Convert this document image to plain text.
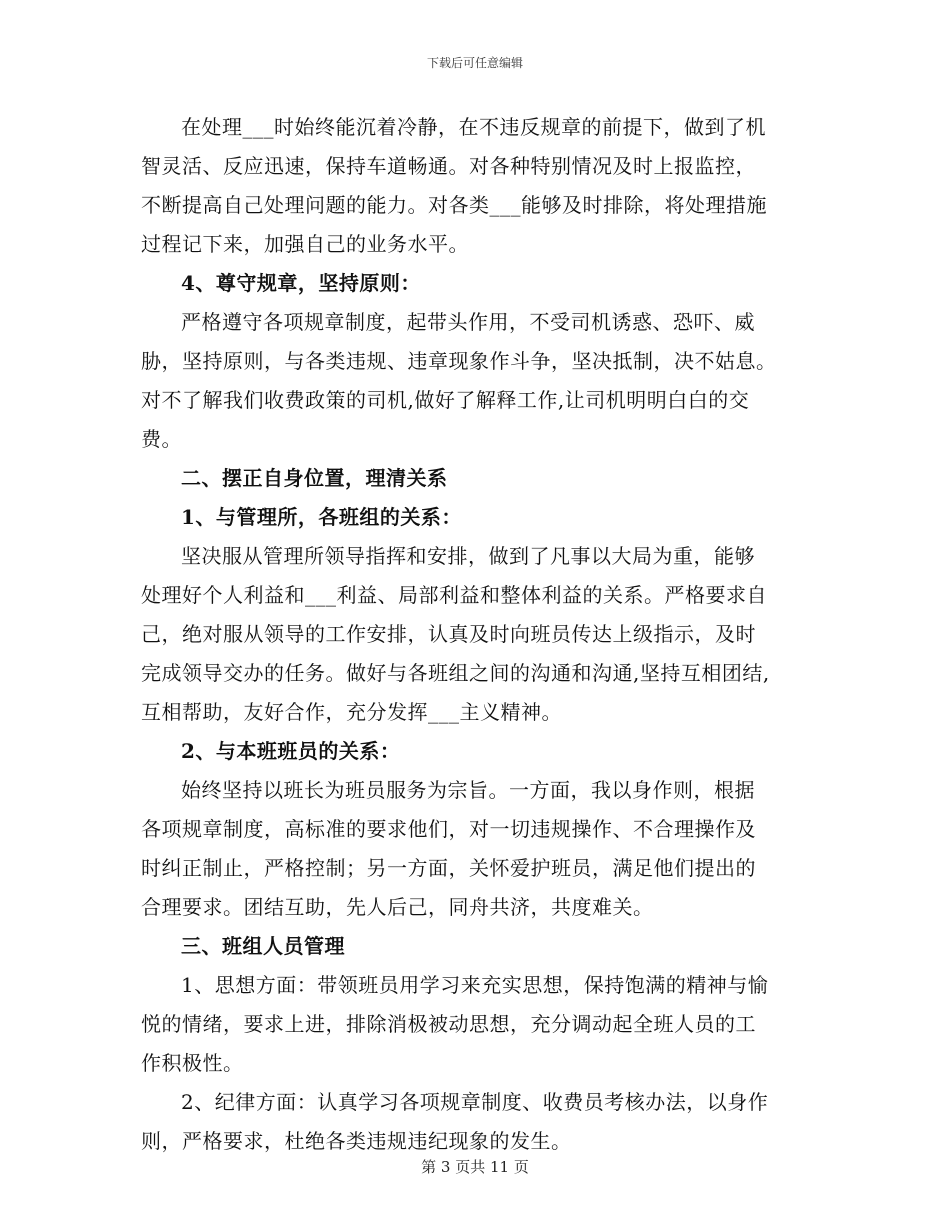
下载后可任意编辑
在处理___时始终能沉着冷静，在不违反规章的前提下，做到了机
智灵活、反应迅速，保持车道畅通。对各种特别情况及时上报监控，
不断提高自己处理问题的能力。对各类___能够及时排除，将处理措施
过程记下来，加强自己的业务水平。
4、尊守规章，坚持原则：
严格遵守各项规章制度，起带头作用，不受司机诱惑、恐吓、威
胁，坚持原则，与各类违规、违章现象作斗争，坚决抵制，决不姑息。
对不了解我们收费政策的司机,做好了解释工作,让司机明明白白的交
费。
二、摆正自身位置，理清关系
1、与管理所，各班组的关系：
坚决服从管理所领导指挥和安排，做到了凡事以大局为重，能够
处理好个人利益和___利益、局部利益和整体利益的关系。严格要求自
己，绝对服从领导的工作安排，认真及时向班员传达上级指示，及时
完成领导交办的任务。做好与各班组之间的沟通和沟通,坚持互相团结,
互相帮助，友好合作，充分发挥___主义精神。
2、与本班班员的关系：
始终坚持以班长为班员服务为宗旨。一方面，我以身作则，根据
各项规章制度，高标准的要求他们，对一切违规操作、不合理操作及
时纠正制止，严格控制；另一方面，关怀爱护班员，满足他们提出的
合理要求。团结互助，先人后己，同舟共济，共度难关。
三、班组人员管理
1、思想方面：带领班员用学习来充实思想，保持饱满的精神与愉
悦的情绪，要求上进，排除消极被动思想，充分调动起全班人员的工
作积极性。
2、纪律方面：认真学习各项规章制度、收费员考核办法，以身作
则，严格要求，杜绝各类违规违纪现象的发生。
第 3 页共 11 页
